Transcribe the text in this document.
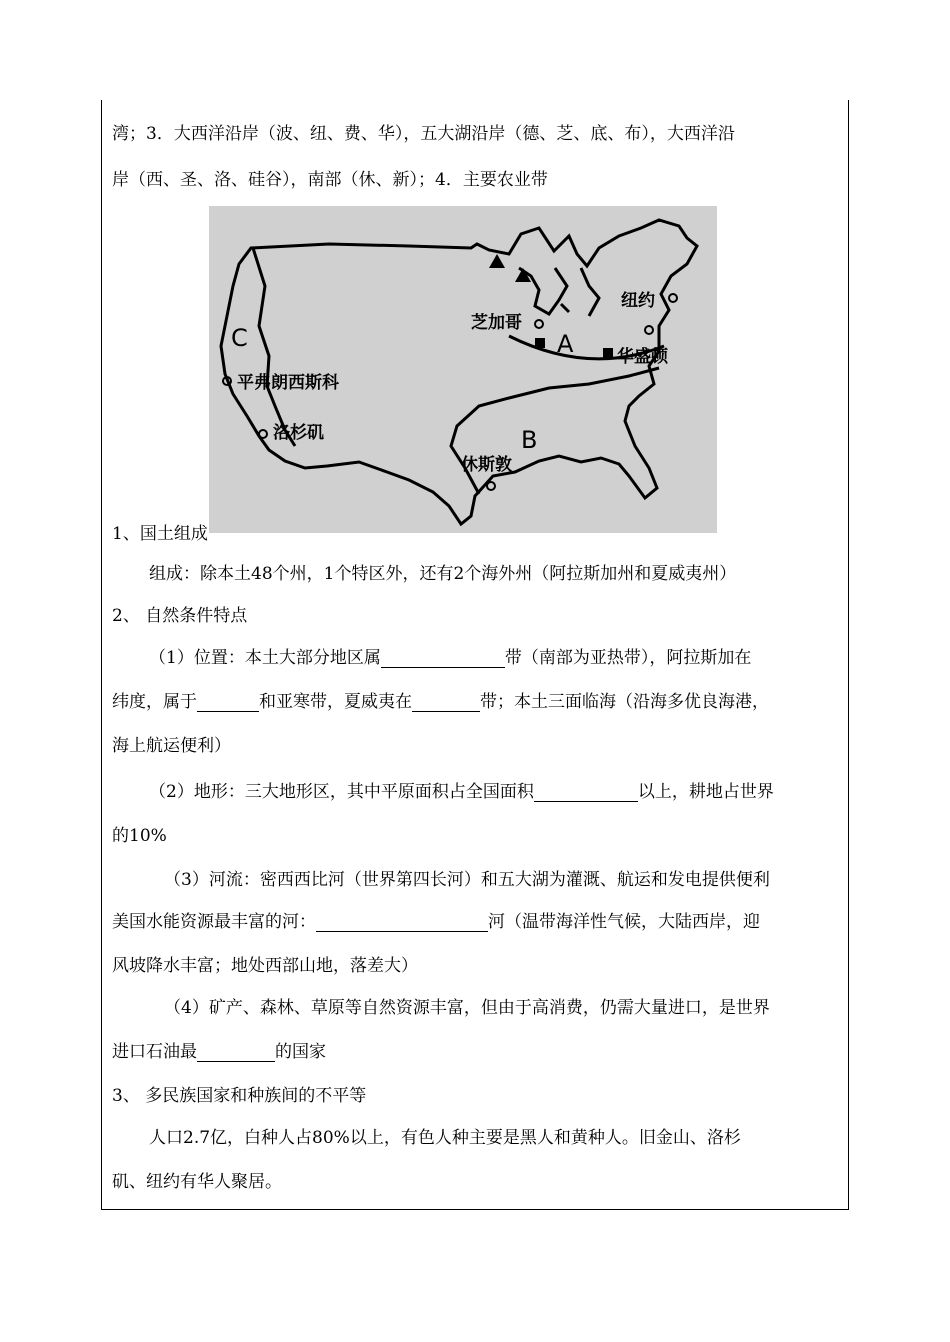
湾；3．大西洋沿岸（波、纽、费、华），五大湖沿岸（德、芝、底、布），大西洋沿
岸（西、圣、洛、硅谷），南部（休、新）；4．主要农业带
纽约
芝加哥
华盛顿
平弗朗西斯科
洛杉矶
休斯敦
A
B
C
1、国土组成
组成：除本土48个州，1个特区外，还有2个海外州（阿拉斯加州和夏威夷州）
2、 自然条件特点
（1）位置：本土大部分地区属	带（南部为亚热带），阿拉斯加在
纬度，属于	和亚寒带，夏威夷在	带；本土三面临海（沿海多优良海港，
海上航运便利）
（2）地形：三大地形区，其中平原面积占全国面积	以上，耕地占世界
的10%
（3）河流：密西西比河（世界第四长河）和五大湖为灌溉、航运和发电提供便利
美国水能资源最丰富的河：	河（温带海洋性气候，大陆西岸，迎
风坡降水丰富；地处西部山地，落差大）
（4）矿产、森林、草原等自然资源丰富，但由于高消费，仍需大量进口，是世界
进口石油最	的国家
3、 多民族国家和种族间的不平等
人口2.7亿，白种人占80%以上，有色人种主要是黑人和黄种人。旧金山、洛杉
矶、纽约有华人聚居。
